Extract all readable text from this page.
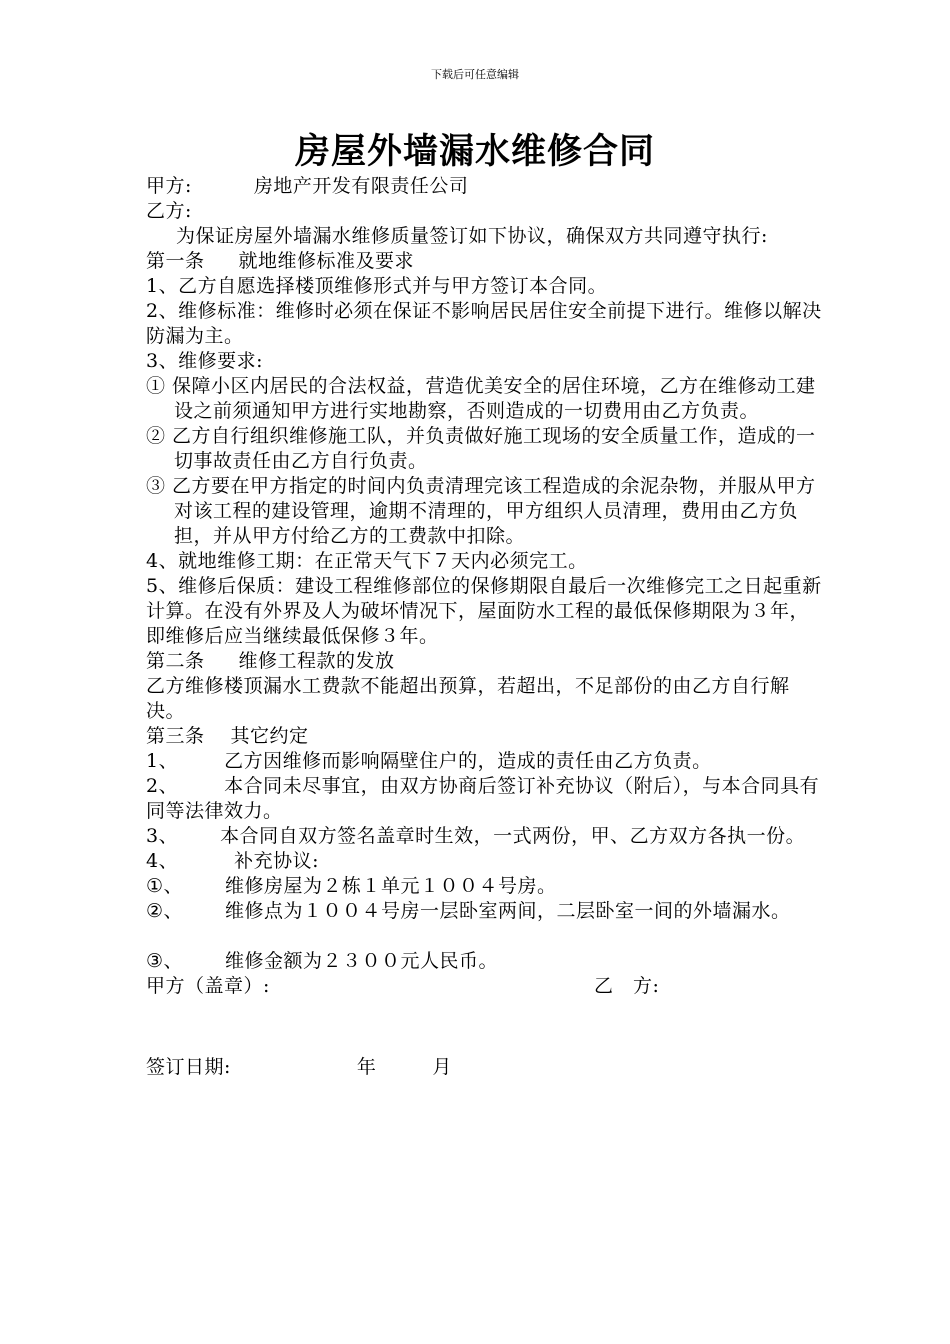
下载后可任意编辑
房屋外墙漏水维修合同
甲方:	房地产开发有限责任公司
乙方:
为保证房屋外墙漏水维修质量签订如下协议，确保双方共同遵守执行:
第一条 就地维修标准及要求
1、乙方自愿选择楼顶维修形式并与甲方签订本合同。
2、维修标准：维修时必须在保证不影响居民居住安全前提下进行。维修以解决防漏为主。
3、维修要求:
① 保障小区内居民的合法权益，营造优美安全的居住环境，乙方在维修动工建设之前须通知甲方进行实地勘察，否则造成的一切费用由乙方负责。
② 乙方自行组织维修施工队，并负责做好施工现场的安全质量工作，造成的一切事故责任由乙方自行负责。
③ 乙方要在甲方指定的时间内负责清理完该工程造成的余泥杂物，并服从甲方对该工程的建设管理，逾期不清理的，甲方组织人员清理，费用由乙方负担，并从甲方付给乙方的工费款中扣除。
4、就地维修工期：在正常天气下７天内必须完工。
5、维修后保质：建设工程维修部位的保修期限自最后一次维修完工之日起重新计算。在没有外界及人为破坏情况下，屋面防水工程的最低保修期限为３年，即维修后应当继续最低保修３年。
第二条 维修工程款的发放
乙方维修楼顶漏水工费款不能超出预算，若超出，不足部份的由乙方自行解决。
第三条 其它约定
1、 乙方因维修而影响隔壁住户的，造成的责任由乙方负责。
2、 本合同未尽事宜，由双方协商后签订补充协议（附后），与本合同具有同等法律效力。
3、 本合同自双方签名盖章时生效，一式两份，甲、乙方双方各执一份。
4、	补充协议:
①、 维修房屋为２栋１单元１００４号房。
②、 维修点为１００４号房一层卧室两间，二层卧室一间的外墙漏水。
③、 维修金额为２３００元人民币。
甲方（盖章）:	乙　方:
签订日期:	年	月
